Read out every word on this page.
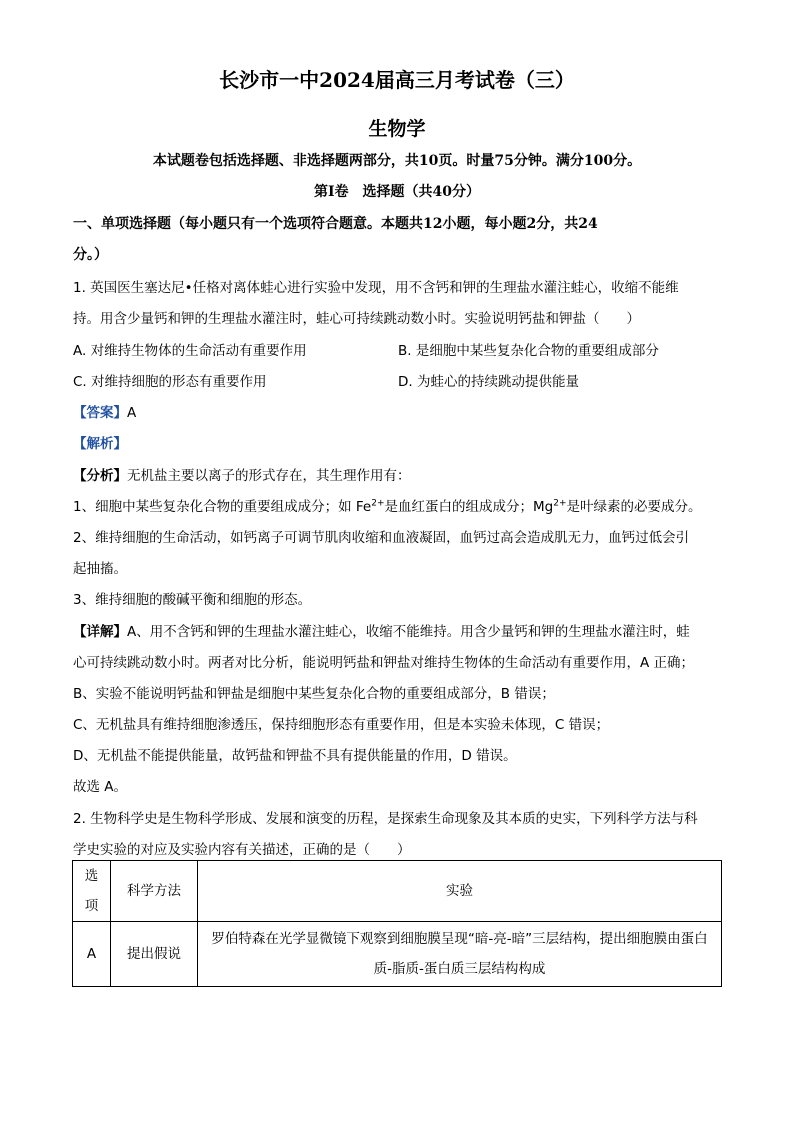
长沙市一中2024届高三月考试卷（三）
生物学
本试题卷包括选择题、非选择题两部分，共10页。时量75分钟。满分100分。
第Ⅰ卷　选择题（共40分）
一、单项选择题（每小题只有一个选项符合题意。本题共12小题，每小题2分，共24
分。）
1. 英国医生塞达尼•任格对离体蛙心进行实验中发现，用不含钙和钾的生理盐水灌注蛙心，收缩不能维
持。用含少量钙和钾的生理盐水灌注时，蛙心可持续跳动数小时。实验说明钙盐和钾盐（　　）
A. 对维持生物体的生命活动有重要作用	B. 是细胞中某些复杂化合物的重要组成部分
C. 对维持细胞的形态有重要作用	D. 为蛙心的持续跳动提供能量
【答案】A
【解析】
【分析】无机盐主要以离子的形式存在，其生理作用有：
1、细胞中某些复杂化合物的重要组成成分；如 $Fe^{2+}$是血红蛋白的组成成分；$Mg^{2+}$是叶绿素的必要成分。
2、维持细胞的生命活动，如钙离子可调节肌肉收缩和血液凝固，血钙过高会造成肌无力，血钙过低会引
起抽搐。
3、维持细胞的酸碱平衡和细胞的形态。
【详解】A、用不含钙和钾的生理盐水灌注蛙心，收缩不能维持。用含少量钙和钾的生理盐水灌注时，蛙
心可持续跳动数小时。两者对比分析，能说明钙盐和钾盐对维持生物体的生命活动有重要作用，A 正确；
B、实验不能说明钙盐和钾盐是细胞中某些复杂化合物的重要组成部分，B 错误；
C、无机盐具有维持细胞渗透压，保持细胞形态有重要作用，但是本实验未体现，C 错误；
D、无机盐不能提供能量，故钙盐和钾盐不具有提供能量的作用，D 错误。
故选 A。
2. 生物科学史是生物科学形成、发展和演变的历程，是探索生命现象及其本质的史实，下列科学方法与科
学史实验的对应及实验内容有关描述，正确的是（　　）
选项	科学方法	实验
A	提出假说	罗伯特森在光学显微镜下观察到细胞膜呈现“暗-亮-暗”三层结构，提出细胞膜由蛋白质-脂质-蛋白质三层结构构成
